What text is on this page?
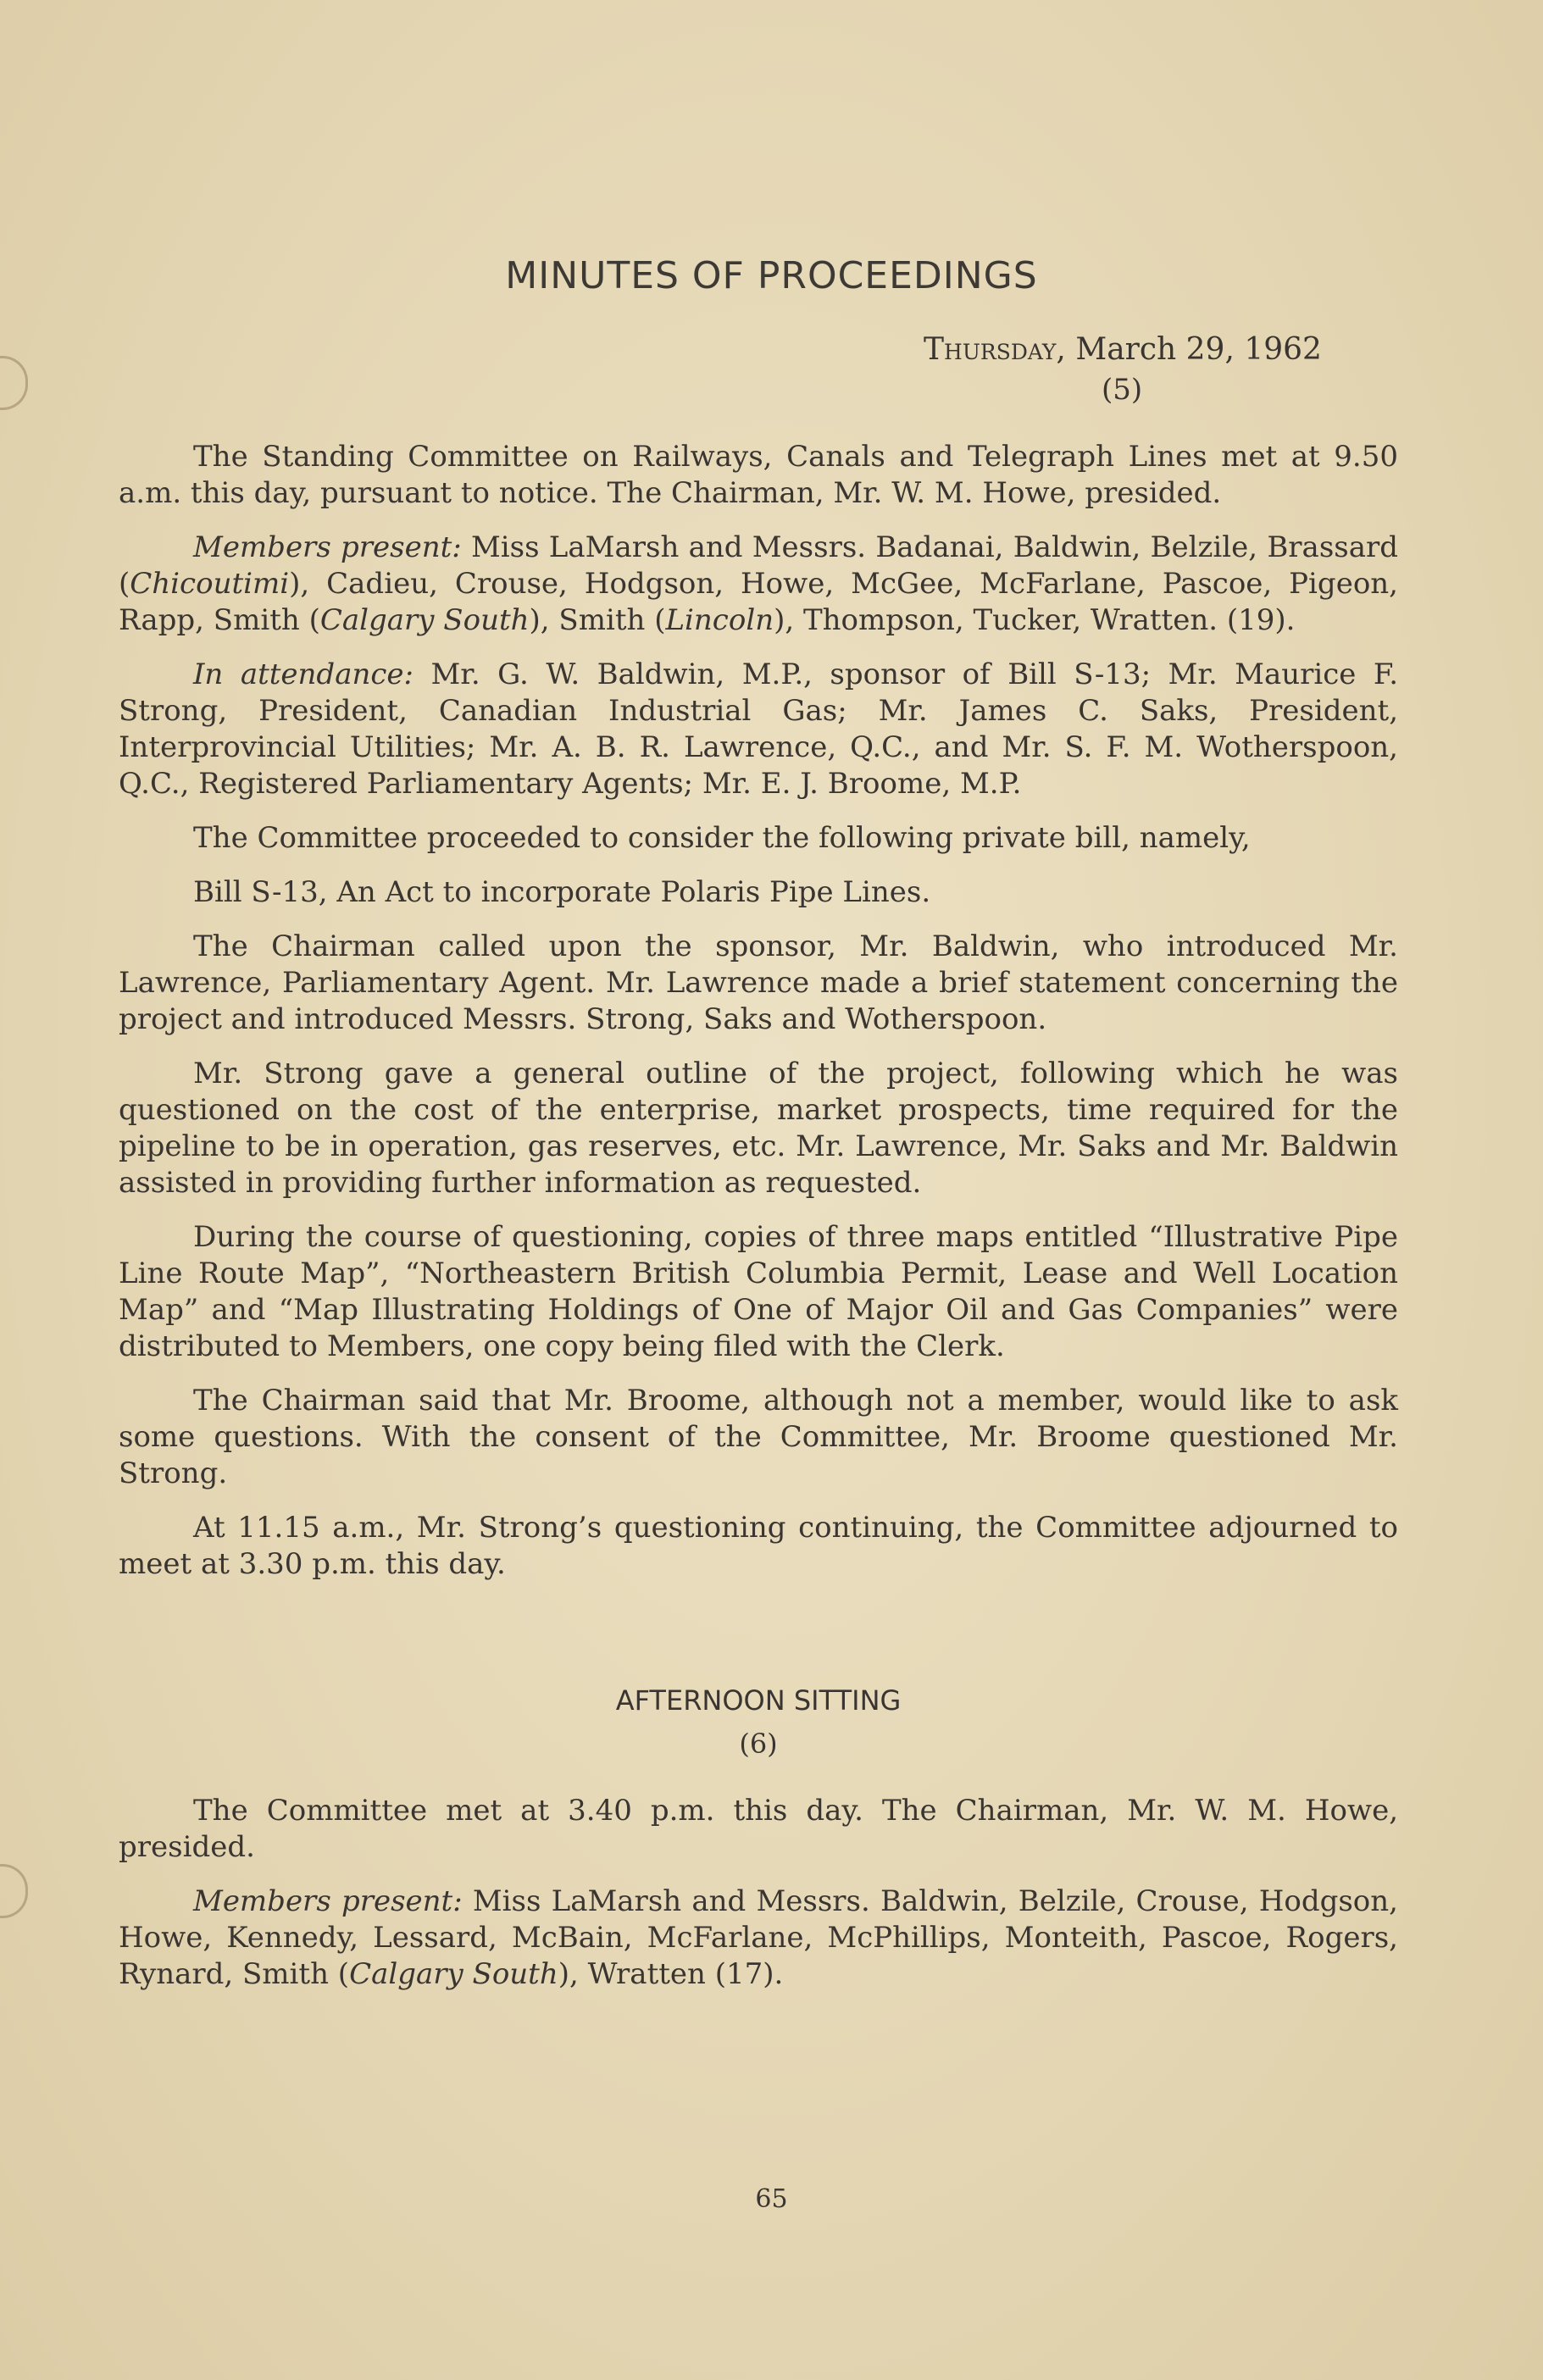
MINUTES OF PROCEEDINGS
Thursday, March 29, 1962
(5)

The Standing Committee on Railways, Canals and Telegraph Lines met at 9.50 a.m. this day, pursuant to notice. The Chairman, Mr. W. M. Howe, presided.

Members present: Miss LaMarsh and Messrs. Badanai, Baldwin, Belzile, Brassard (Chicoutimi), Cadieu, Crouse, Hodgson, Howe, McGee, McFarlane, Pascoe, Pigeon, Rapp, Smith (Calgary South), Smith (Lincoln), Thompson, Tucker, Wratten. (19).

In attendance: Mr. G. W. Baldwin, M.P., sponsor of Bill S-13; Mr. Maurice F. Strong, President, Canadian Industrial Gas; Mr. James C. Saks, President, Interprovincial Utilities; Mr. A. B. R. Lawrence, Q.C., and Mr. S. F. M. Wotherspoon, Q.C., Registered Parliamentary Agents; Mr. E. J. Broome, M.P.

The Committee proceeded to consider the following private bill, namely,

Bill S-13, An Act to incorporate Polaris Pipe Lines.

The Chairman called upon the sponsor, Mr. Baldwin, who introduced Mr. Lawrence, Parliamentary Agent. Mr. Lawrence made a brief statement concerning the project and introduced Messrs. Strong, Saks and Wotherspoon.

Mr. Strong gave a general outline of the project, following which he was questioned on the cost of the enterprise, market prospects, time required for the pipeline to be in operation, gas reserves, etc. Mr. Lawrence, Mr. Saks and Mr. Baldwin assisted in providing further information as requested.

During the course of questioning, copies of three maps entitled “Illustrative Pipe Line Route Map”, “Northeastern British Columbia Permit, Lease and Well Location Map” and “Map Illustrating Holdings of One of Major Oil and Gas Companies” were distributed to Members, one copy being filed with the Clerk.

The Chairman said that Mr. Broome, although not a member, would like to ask some questions. With the consent of the Committee, Mr. Broome questioned Mr. Strong.

At 11.15 a.m., Mr. Strong’s questioning continuing, the Committee adjourned to meet at 3.30 p.m. this day.

AFTERNOON SITTING
(6)

The Committee met at 3.40 p.m. this day. The Chairman, Mr. W. M. Howe, presided.

Members present: Miss LaMarsh and Messrs. Baldwin, Belzile, Crouse, Hodgson, Howe, Kennedy, Lessard, McBain, McFarlane, McPhillips, Monteith, Pascoe, Rogers, Rynard, Smith (Calgary South), Wratten (17).

65
